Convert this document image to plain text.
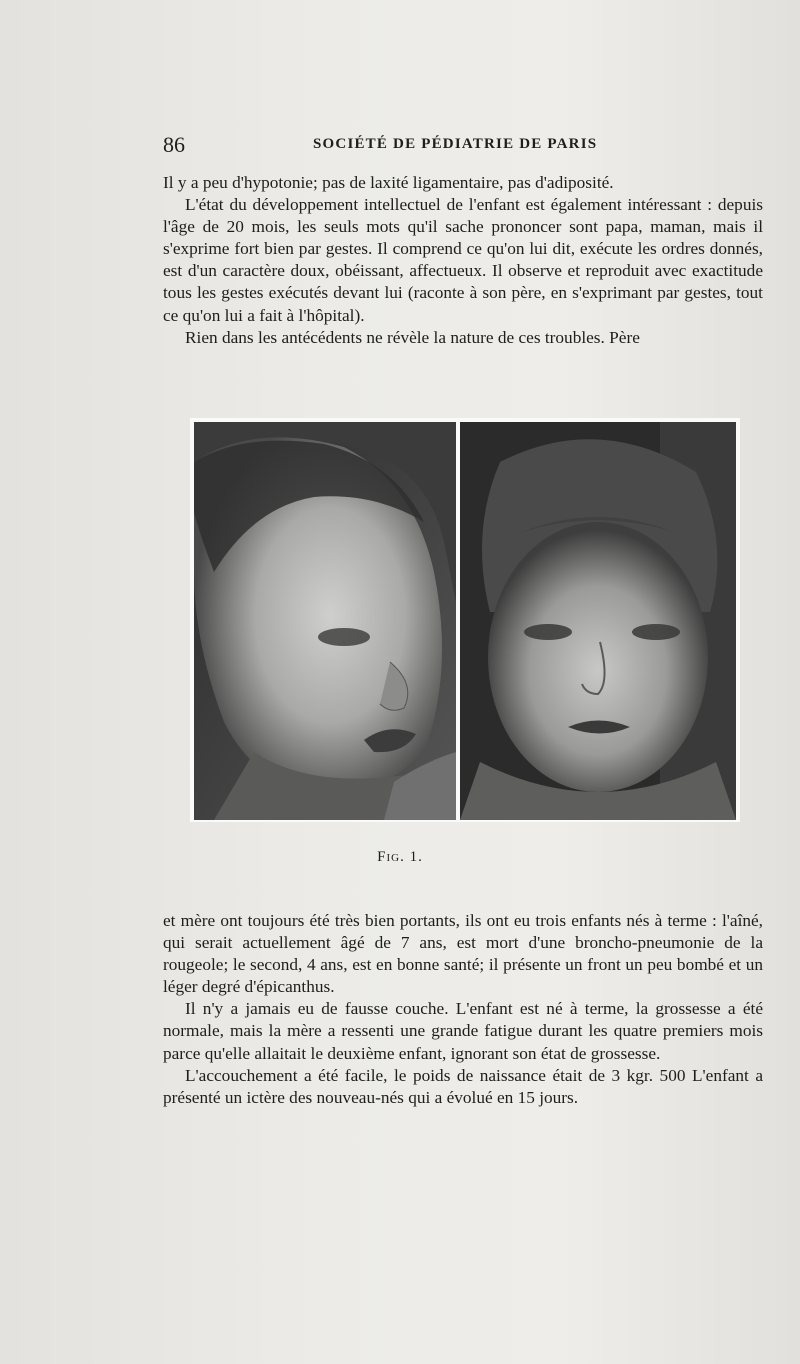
86	SOCIÉTÉ DE PÉDIATRIE DE PARIS

Il y a peu d'hypotonie; pas de laxité ligamentaire, pas d'adiposité.

L'état du développement intellectuel de l'enfant est également intéressant : depuis l'âge de 20 mois, les seuls mots qu'il sache prononcer sont papa, maman, mais il s'exprime fort bien par gestes. Il comprend ce qu'on lui dit, exécute les ordres donnés, est d'un caractère doux, obéissant, affectueux. Il observe et reproduit avec exactitude tous les gestes exécutés devant lui (raconte à son père, en s'exprimant par gestes, tout ce qu'on lui a fait à l'hôpital).

Rien dans les antécédents ne révèle la nature de ces troubles. Père

Fig. 1.

et mère ont toujours été très bien portants, ils ont eu trois enfants nés à terme : l'aîné, qui serait actuellement âgé de 7 ans, est mort d'une broncho-pneumonie de la rougeole; le second, 4 ans, est en bonne santé; il présente un front un peu bombé et un léger degré d'épicanthus.

Il n'y a jamais eu de fausse couche. L'enfant est né à terme, la grossesse a été normale, mais la mère a ressenti une grande fatigue durant les quatre premiers mois parce qu'elle allaitait le deuxième enfant, ignorant son état de grossesse.

L'accouchement a été facile, le poids de naissance était de 3 kgr. 500 L'enfant a présenté un ictère des nouveau-nés qui a évolué en 15 jours.
